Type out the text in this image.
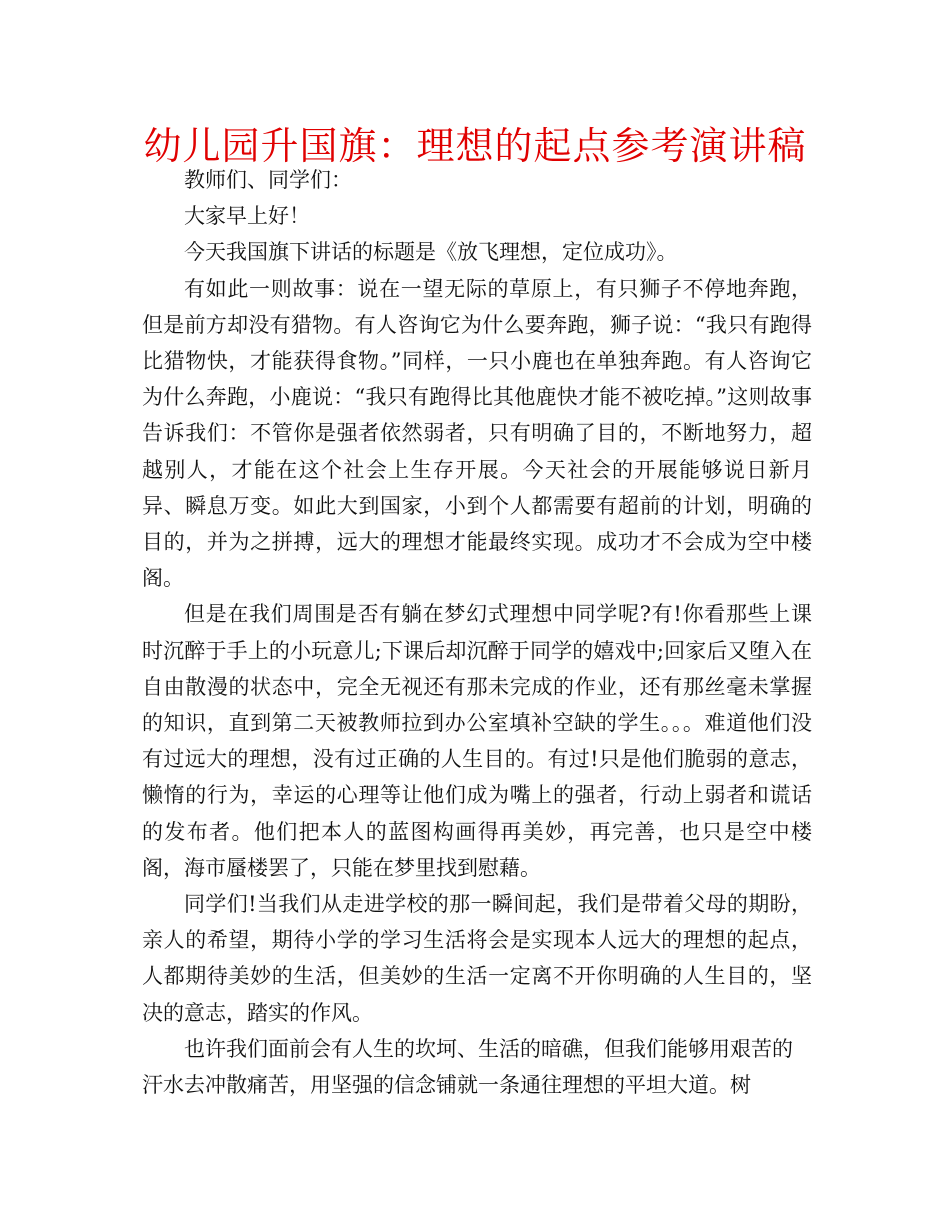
幼儿园升国旗：理想的起点参考演讲稿

教师们、同学们：

大家早上好！

今天我国旗下讲话的标题是《放飞理想，定位成功》。

有如此一则故事：说在一望无际的草原上，有只狮子不停地奔跑，但是前方却没有猎物。有人咨询它为什么要奔跑，狮子说：“我只有跑得比猎物快，才能获得食物。”同样，一只小鹿也在单独奔跑。有人咨询它为什么奔跑，小鹿说：“我只有跑得比其他鹿快才能不被吃掉。”这则故事告诉我们：不管你是强者依然弱者，只有明确了目的，不断地努力，超越别人，才能在这个社会上生存开展。今天社会的开展能够说日新月异、瞬息万变。如此大到国家，小到个人都需要有超前的计划，明确的目的，并为之拼搏，远大的理想才能最终实现。成功才不会成为空中楼阁。

但是在我们周围是否有躺在梦幻式理想中同学呢?有!你看那些上课时沉醉于手上的小玩意儿;下课后却沉醉于同学的嬉戏中;回家后又堕入在自由散漫的状态中，完全无视还有那未完成的作业，还有那丝毫未掌握的知识，直到第二天被教师拉到办公室填补空缺的学生。。。难道他们没有过远大的理想，没有过正确的人生目的。有过!只是他们脆弱的意志，懒惰的行为，幸运的心理等让他们成为嘴上的强者，行动上弱者和谎话的发布者。他们把本人的蓝图构画得再美妙，再完善，也只是空中楼阁，海市蜃楼罢了，只能在梦里找到慰藉。

同学们!当我们从走进学校的那一瞬间起，我们是带着父母的期盼，亲人的希望，期待小学的学习生活将会是实现本人远大的理想的起点，人都期待美妙的生活，但美妙的生活一定离不开你明确的人生目的，坚决的意志，踏实的作风。

也许我们面前会有人生的坎坷、生活的暗礁，但我们能够用艰苦的汗水去冲散痛苦，用坚强的信念铺就一条通往理想的平坦大道。树
